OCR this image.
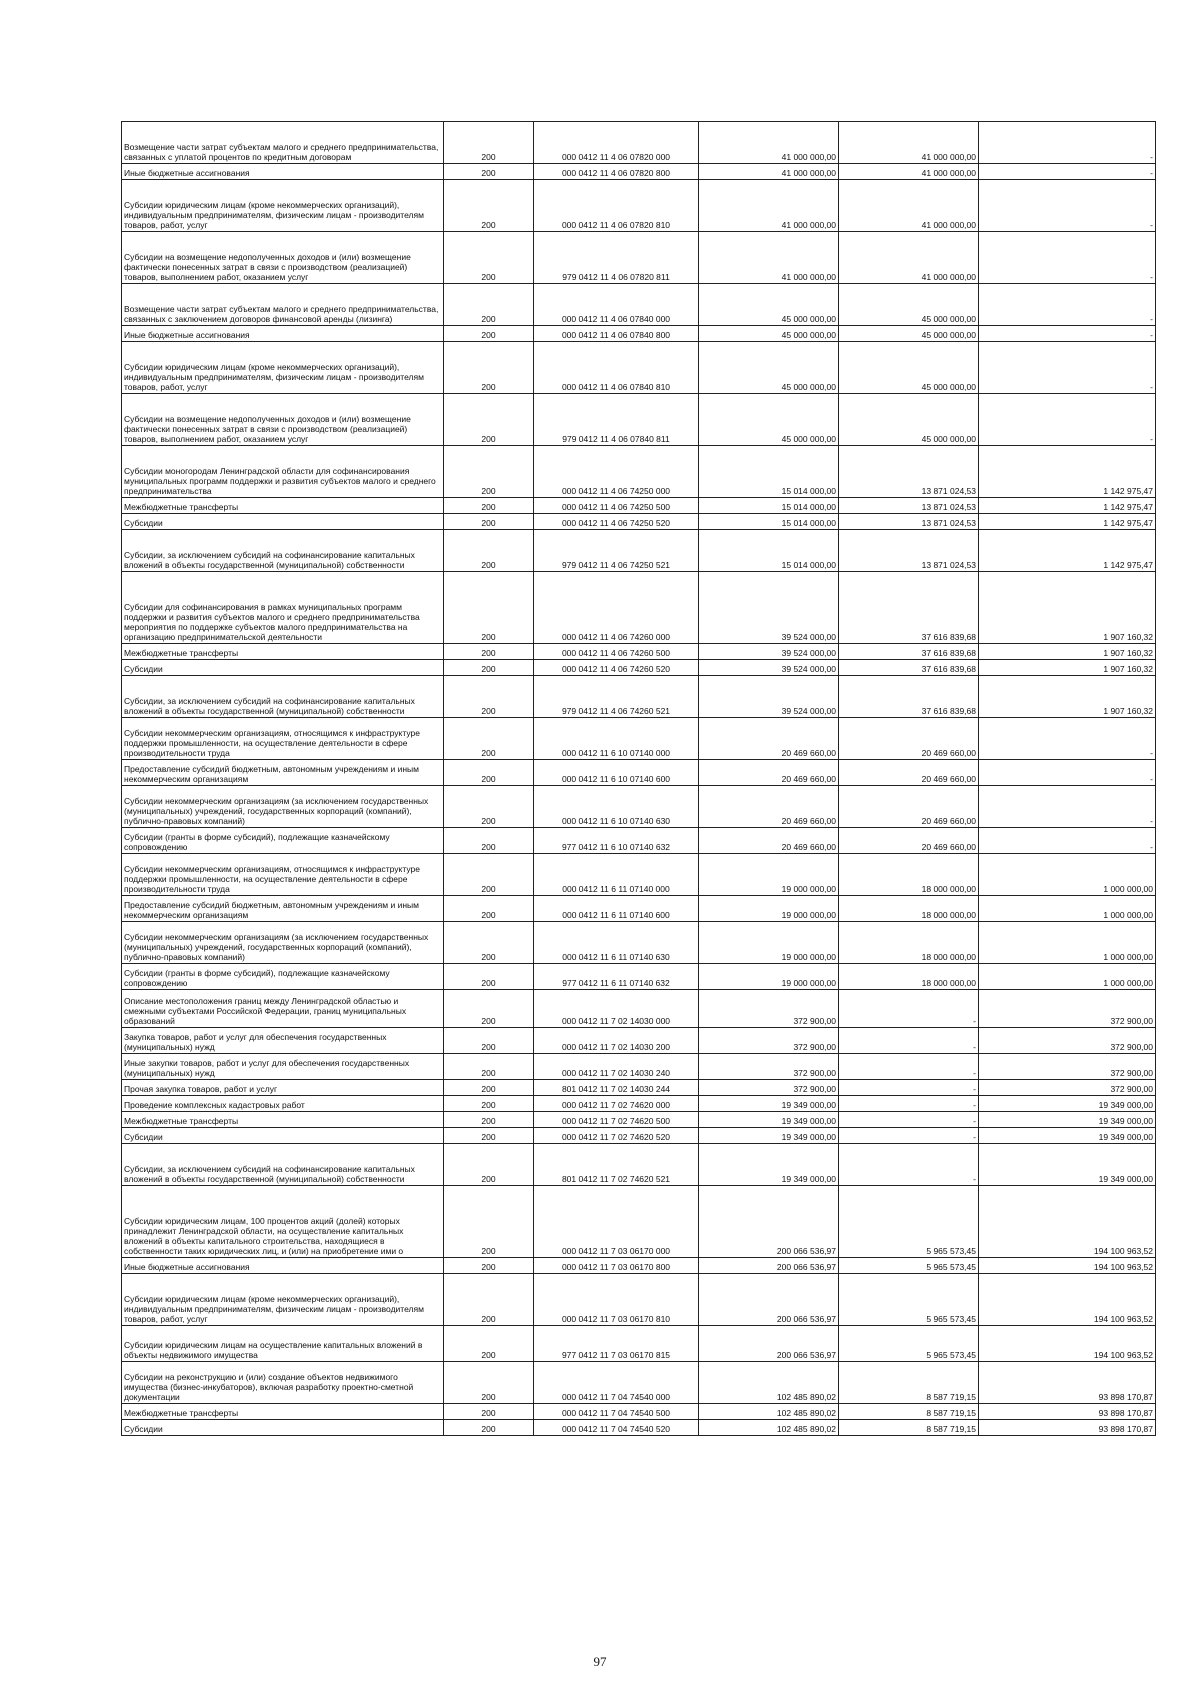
Возмещение части затрат субъектам малого и среднего предпринимательства, связанных с уплатой процентов по кредитным договорам	200	000 0412 11 4 06 07820 000	41 000 000,00	41 000 000,00	-
Иные бюджетные ассигнования	200	000 0412 11 4 06 07820 800	41 000 000,00	41 000 000,00	-
Субсидии юридическим лицам (кроме некоммерческих организаций), индивидуальным предпринимателям, физическим лицам - производителям товаров, работ, услуг	200	000 0412 11 4 06 07820 810	41 000 000,00	41 000 000,00	-
Субсидии на возмещение недополученных доходов и (или) возмещение фактически понесенных затрат в связи с производством (реализацией) товаров, выполнением работ, оказанием услуг	200	979 0412 11 4 06 07820 811	41 000 000,00	41 000 000,00	-
Возмещение части затрат субъектам малого и среднего предпринимательства, связанных с заключением договоров финансовой аренды (лизинга)	200	000 0412 11 4 06 07840 000	45 000 000,00	45 000 000,00	-
Иные бюджетные ассигнования	200	000 0412 11 4 06 07840 800	45 000 000,00	45 000 000,00	-
Субсидии юридическим лицам (кроме некоммерческих организаций), индивидуальным предпринимателям, физическим лицам - производителям товаров, работ, услуг	200	000 0412 11 4 06 07840 810	45 000 000,00	45 000 000,00	-
Субсидии на возмещение недополученных доходов и (или) возмещение фактически понесенных затрат в связи с производством (реализацией) товаров, выполнением работ, оказанием услуг	200	979 0412 11 4 06 07840 811	45 000 000,00	45 000 000,00	-
Субсидии моногородам Ленинградской области для софинансирования муниципальных программ поддержки и развития субъектов малого и среднего предпринимательства	200	000 0412 11 4 06 74250 000	15 014 000,00	13 871 024,53	1 142 975,47
Межбюджетные трансферты	200	000 0412 11 4 06 74250 500	15 014 000,00	13 871 024,53	1 142 975,47
Субсидии	200	000 0412 11 4 06 74250 520	15 014 000,00	13 871 024,53	1 142 975,47
Субсидии, за исключением субсидий на софинансирование капитальных вложений в объекты государственной (муниципальной) собственности	200	979 0412 11 4 06 74250 521	15 014 000,00	13 871 024,53	1 142 975,47
Субсидии для софинансирования в рамках муниципальных программ поддержки и развития субъектов малого и среднего предпринимательства мероприятия по поддержке субъектов малого предпринимательства на организацию предпринимательской деятельности	200	000 0412 11 4 06 74260 000	39 524 000,00	37 616 839,68	1 907 160,32
Межбюджетные трансферты	200	000 0412 11 4 06 74260 500	39 524 000,00	37 616 839,68	1 907 160,32
Субсидии	200	000 0412 11 4 06 74260 520	39 524 000,00	37 616 839,68	1 907 160,32
Субсидии, за исключением субсидий на софинансирование капитальных вложений в объекты государственной (муниципальной) собственности	200	979 0412 11 4 06 74260 521	39 524 000,00	37 616 839,68	1 907 160,32
Субсидии некоммерческим организациям, относящимся к инфраструктуре поддержки промышленности, на осуществление деятельности в сфере производительности труда	200	000 0412 11 6 10 07140 000	20 469 660,00	20 469 660,00	-
Предоставление субсидий бюджетным, автономным учреждениям и иным некоммерческим организациям	200	000 0412 11 6 10 07140 600	20 469 660,00	20 469 660,00	-
Субсидии некоммерческим организациям (за исключением государственных (муниципальных) учреждений, государственных корпораций (компаний), публично-правовых компаний)	200	000 0412 11 6 10 07140 630	20 469 660,00	20 469 660,00	-
Субсидии (гранты в форме субсидий), подлежащие казначейскому сопровождению	200	977 0412 11 6 10 07140 632	20 469 660,00	20 469 660,00	-
Субсидии некоммерческим организациям, относящимся к инфраструктуре поддержки промышленности, на осуществление деятельности в сфере производительности труда	200	000 0412 11 6 11 07140 000	19 000 000,00	18 000 000,00	1 000 000,00
Предоставление субсидий бюджетным, автономным учреждениям и иным некоммерческим организациям	200	000 0412 11 6 11 07140 600	19 000 000,00	18 000 000,00	1 000 000,00
Субсидии некоммерческим организациям (за исключением государственных (муниципальных) учреждений, государственных корпораций (компаний), публично-правовых компаний)	200	000 0412 11 6 11 07140 630	19 000 000,00	18 000 000,00	1 000 000,00
Субсидии (гранты в форме субсидий), подлежащие казначейскому сопровождению	200	977 0412 11 6 11 07140 632	19 000 000,00	18 000 000,00	1 000 000,00
Описание местоположения границ между Ленинградской областью и смежными субъектами Российской Федерации, границ муниципальных образований	200	000 0412 11 7 02 14030 000	372 900,00	-	372 900,00
Закупка товаров, работ и услуг для обеспечения государственных (муниципальных) нужд	200	000 0412 11 7 02 14030 200	372 900,00	-	372 900,00
Иные закупки товаров, работ и услуг для обеспечения государственных (муниципальных) нужд	200	000 0412 11 7 02 14030 240	372 900,00	-	372 900,00
Прочая закупка товаров, работ и услуг	200	801 0412 11 7 02 14030 244	372 900,00	-	372 900,00
Проведение комплексных кадастровых работ	200	000 0412 11 7 02 74620 000	19 349 000,00	-	19 349 000,00
Межбюджетные трансферты	200	000 0412 11 7 02 74620 500	19 349 000,00	-	19 349 000,00
Субсидии	200	000 0412 11 7 02 74620 520	19 349 000,00	-	19 349 000,00
Субсидии, за исключением субсидий на софинансирование капитальных вложений в объекты государственной (муниципальной) собственности	200	801 0412 11 7 02 74620 521	19 349 000,00	-	19 349 000,00
Субсидии юридическим лицам, 100 процентов акций (долей) которых принадлежит Ленинградской области, на осуществление капитальных вложений в объекты капитального строительства, находящиеся в собственности таких юридических лиц, и (или) на приобретение ими о	200	000 0412 11 7 03 06170 000	200 066 536,97	5 965 573,45	194 100 963,52
Иные бюджетные ассигнования	200	000 0412 11 7 03 06170 800	200 066 536,97	5 965 573,45	194 100 963,52
Субсидии юридическим лицам (кроме некоммерческих организаций), индивидуальным предпринимателям, физическим лицам - производителям товаров, работ, услуг	200	000 0412 11 7 03 06170 810	200 066 536,97	5 965 573,45	194 100 963,52
Субсидии юридическим лицам на осуществление капитальных вложений в объекты недвижимого имущества	200	977 0412 11 7 03 06170 815	200 066 536,97	5 965 573,45	194 100 963,52
Субсидии на реконструкцию и (или) создание объектов недвижимого имущества (бизнес-инкубаторов), включая разработку проектно-сметной документации	200	000 0412 11 7 04 74540 000	102 485 890,02	8 587 719,15	93 898 170,87
Межбюджетные трансферты	200	000 0412 11 7 04 74540 500	102 485 890,02	8 587 719,15	93 898 170,87
Субсидии	200	000 0412 11 7 04 74540 520	102 485 890,02	8 587 719,15	93 898 170,87
97
